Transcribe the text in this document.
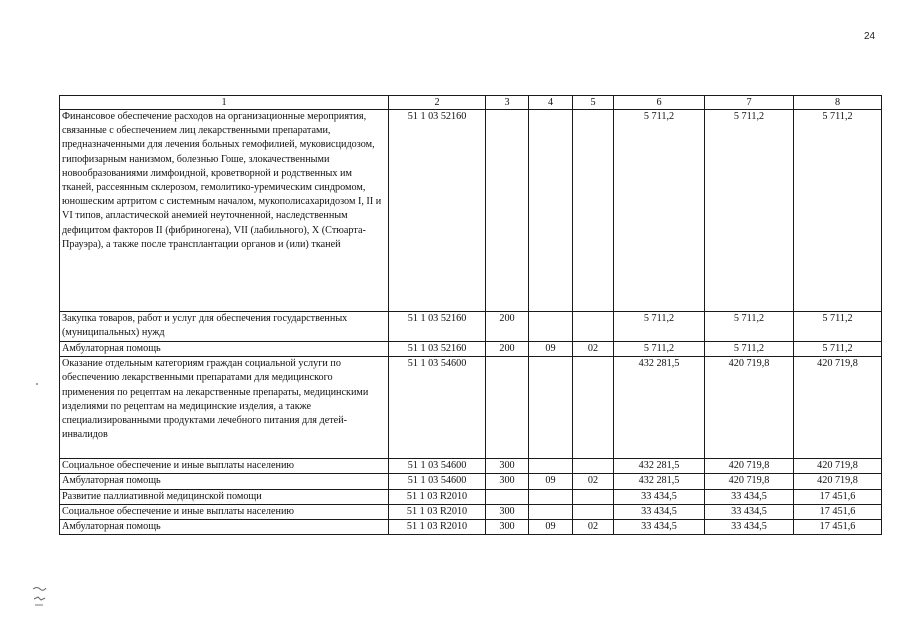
24
1	2	3	4	5	6	7	8
Финансовое обеспечение расходов на организационные мероприятия, связанные с обеспечением лиц лекарственными препаратами, предназначенными для лечения больных гемофилией, муковисцидозом, гипофизарным нанизмом, болезнью Гоше, злокачественными новообразованиями лимфоидной, кроветворной и родственных им тканей, рассеянным склерозом, гемолитико-уремическим синдромом, юношеским артритом с системным началом, мукополисахаридозом I, II и VI типов, апластической анемией неуточненной, наследственным дефицитом факторов II (фибриногена), VII (лабильного), X (Стюарта-Прауэра), а также после трансплантации органов и (или) тканей	51 1 03 52160				5 711,2	5 711,2	5 711,2
Закупка товаров, работ и услуг для обеспечения государственных (муниципальных) нужд	51 1 03 52160	200			5 711,2	5 711,2	5 711,2
Амбулаторная помощь	51 1 03 52160	200	09	02	5 711,2	5 711,2	5 711,2
Оказание отдельным категориям граждан социальной услуги по обеспечению лекарственными препаратами для медицинского применения по рецептам на лекарственные препараты, медицинскими изделиями по рецептам на медицинские изделия, а также специализированными продуктами лечебного питания для детей-инвалидов	51 1 03 54600				432 281,5	420 719,8	420 719,8
Социальное обеспечение и иные выплаты населению	51 1 03 54600	300			432 281,5	420 719,8	420 719,8
Амбулаторная помощь	51 1 03 54600	300	09	02	432 281,5	420 719,8	420 719,8
Развитие паллиативной медицинской помощи	51 1 03 R2010				33 434,5	33 434,5	17 451,6
Социальное обеспечение и иные выплаты населению	51 1 03 R2010	300			33 434,5	33 434,5	17 451,6
Амбулаторная помощь	51 1 03 R2010	300	09	02	33 434,5	33 434,5	17 451,6
